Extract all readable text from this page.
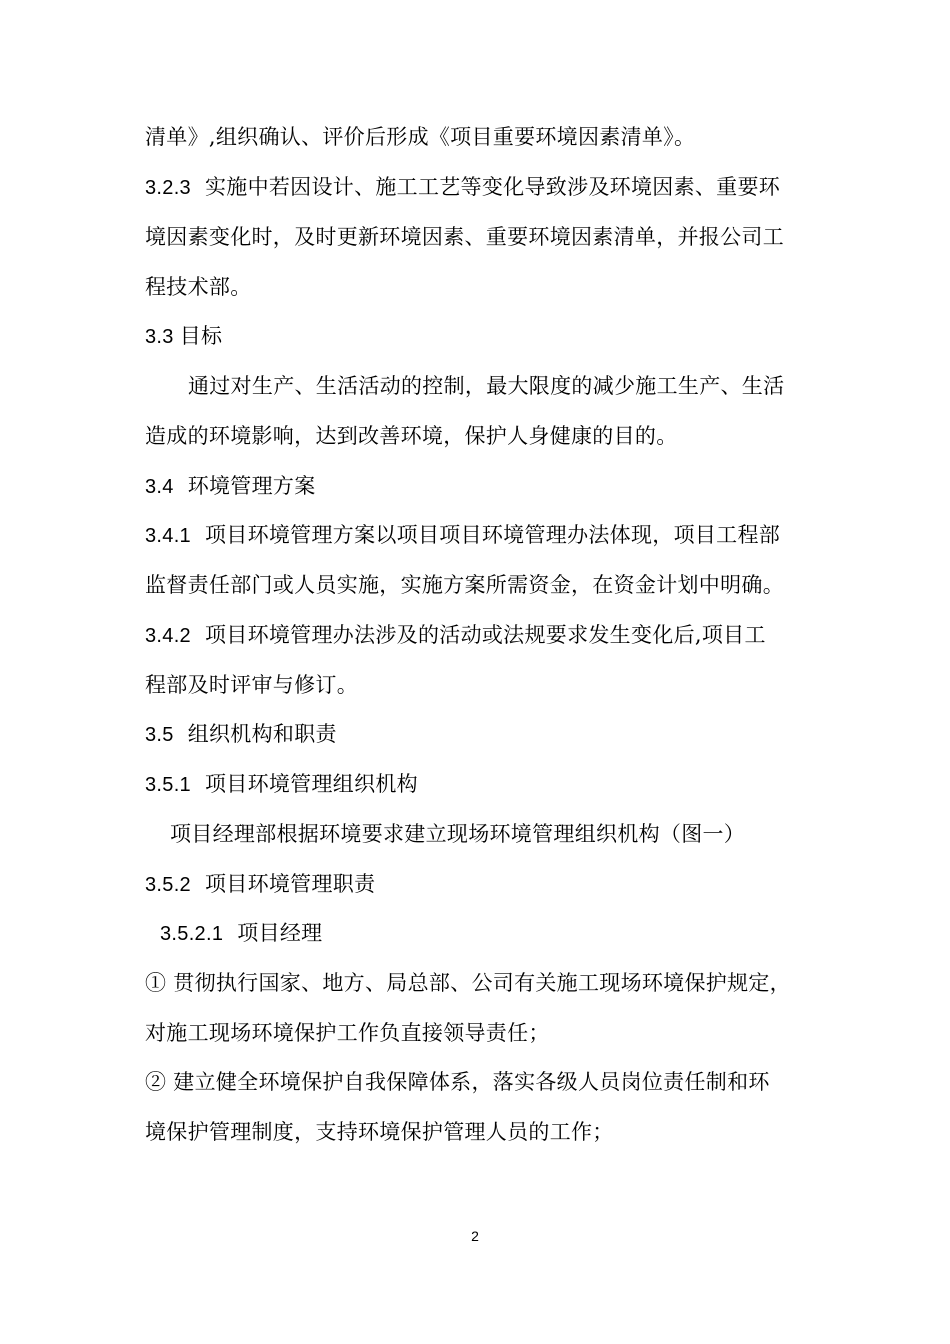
清单》,组织确认、评价后形成《项目重要环境因素清单》。
3.2.3 实施中若因设计、施工工艺等变化导致涉及环境因素、重要环
境因素变化时，及时更新环境因素、重要环境因素清单，并报公司工
程技术部。
3.3 目标
通过对生产、生活活动的控制，最大限度的减少施工生产、生活
造成的环境影响，达到改善环境，保护人身健康的目的。
3.4 环境管理方案
3.4.1 项目环境管理方案以项目项目环境管理办法体现，项目工程部
监督责任部门或人员实施，实施方案所需资金，在资金计划中明确。
3.4.2 项目环境管理办法涉及的活动或法规要求发生变化后,项目工
程部及时评审与修订。
3.5 组织机构和职责
3.5.1 项目环境管理组织机构
项目经理部根据环境要求建立现场环境管理组织机构（图一）
3.5.2 项目环境管理职责
3.5.2.1 项目经理
① 贯彻执行国家、地方、局总部、公司有关施工现场环境保护规定，
对施工现场环境保护工作负直接领导责任；
② 建立健全环境保护自我保障体系，落实各级人员岗位责任制和环
境保护管理制度，支持环境保护管理人员的工作；
2
